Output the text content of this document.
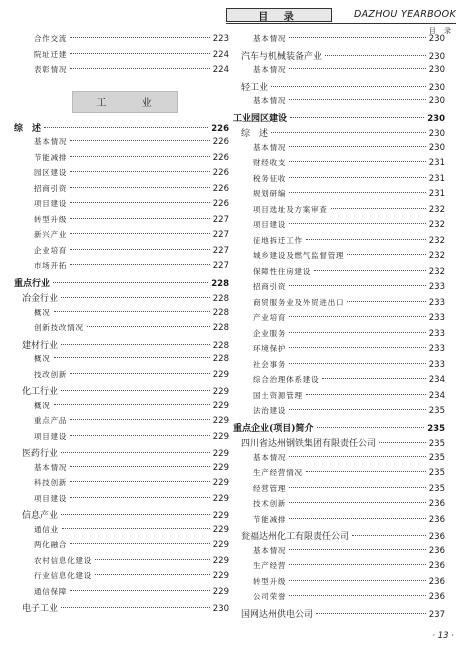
目 录	DAZHOU YEARBOOK
目 录
合作交流	223
院址迁建	224
表彰情况	224
工 业
综　述	226
基本情况	226
节能减排	226
园区建设	226
招商引资	226
项目建设	226
转型升级	227
新兴产业	227
企业培育	227
市场开拓	227
重点行业	228
冶金行业	228
概况	228
创新技改情况	228
建材行业	228
概况	228
技改创新	229
化工行业	229
概况	229
重点产品	229
项目建设	229
医药行业	229
基本情况	229
科技创新	229
项目建设	229
信息产业	229
通信业	229
两化融合	229
农村信息化建设	229
行业信息化建设	229
通信保障	229
电子工业	230
基本情况	230
汽车与机械装备产业	230
基本情况	230
轻工业	230
基本情况	230
工业园区建设	230
综　述	230
基本情况	230
财经收支	231
税务征收	231
规划研编	231
项目选址及方案审查	232
项目建设	232
征地拆迁工作	232
城乡建设及燃气监督管理	232
保障性住房建设	232
招商引资	233
商贸服务业及外贸进出口	233
产业培育	233
企业服务	233
环境保护	233
社会事务	233
综合治理体系建设	234
国土资源管理	234
法治建设	235
重点企业(项目)简介	235
四川省达州钢铁集团有限责任公司	235
基本情况	235
生产经营情况	235
经营管理	235
技术创新	236
节能减排	236
瓮福达州化工有限责任公司	236
基本情况	236
生产经营	236
转型升级	236
公司荣誉	236
国网达州供电公司	237
· 13 ·
